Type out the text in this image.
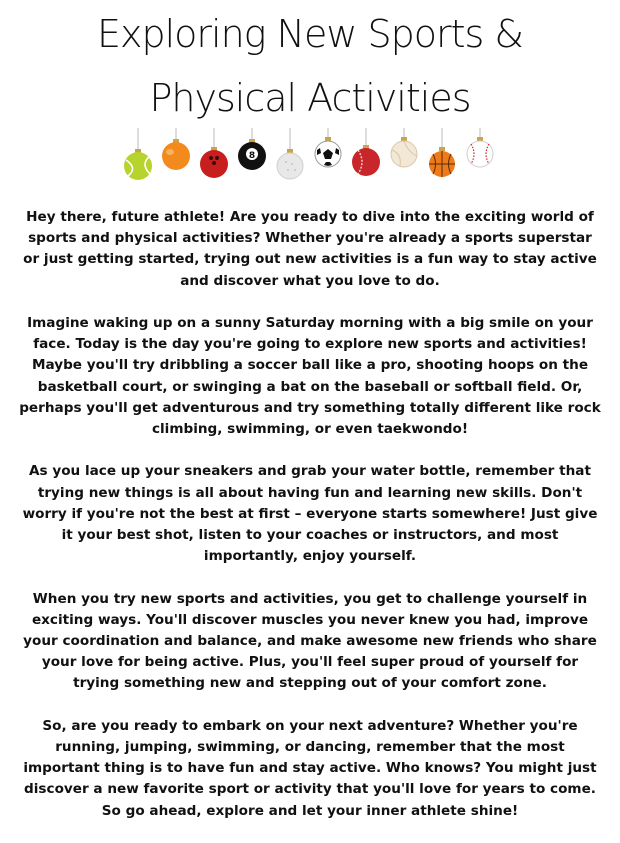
Exploring New Sports &
Physical Activities
8

Hey there, future athlete! Are you ready to dive into the exciting world of sports and physical activities? Whether you're already a sports superstar or just getting started, trying out new activities is a fun way to stay active and discover what you love to do.

Imagine waking up on a sunny Saturday morning with a big smile on your face. Today is the day you're going to explore new sports and activities! Maybe you'll try dribbling a soccer ball like a pro, shooting hoops on the basketball court, or swinging a bat on the baseball or softball field. Or, perhaps you'll get adventurous and try something totally different like rock climbing, swimming, or even taekwondo!

As you lace up your sneakers and grab your water bottle, remember that trying new things is all about having fun and learning new skills. Don't worry if you're not the best at first – everyone starts somewhere! Just give it your best shot, listen to your coaches or instructors, and most importantly, enjoy yourself.

When you try new sports and activities, you get to challenge yourself in exciting ways. You'll discover muscles you never knew you had, improve your coordination and balance, and make awesome new friends who share your love for being active. Plus, you'll feel super proud of yourself for trying something new and stepping out of your comfort zone.

So, are you ready to embark on your next adventure? Whether you're running, jumping, swimming, or dancing, remember that the most important thing is to have fun and stay active. Who knows? You might just discover a new favorite sport or activity that you'll love for years to come. So go ahead, explore and let your inner athlete shine!
